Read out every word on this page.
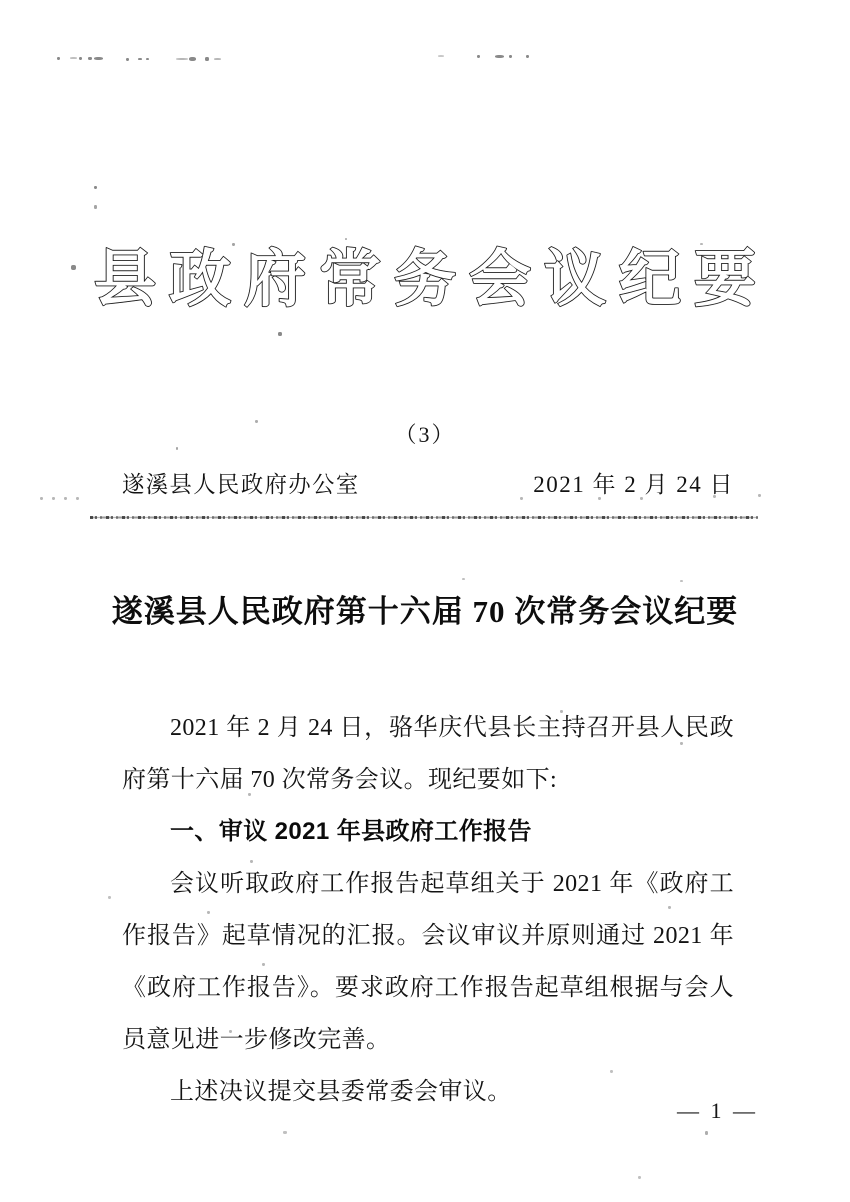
县政府常务会议纪要
（3）
遂溪县人民政府办公室	2021 年 2 月 24 日
遂溪县人民政府第十六届 70 次常务会议纪要

2021 年 2 月 24 日，骆华庆代县长主持召开县人民政府第十六届 70 次常务会议。现纪要如下:

一、审议 2021 年县政府工作报告

会议听取政府工作报告起草组关于 2021 年《政府工作报告》起草情况的汇报。会议审议并原则通过 2021 年《政府工作报告》。要求政府工作报告起草组根据与会人员意见进一步修改完善。

上述决议提交县委常委会审议。

— 1 —
